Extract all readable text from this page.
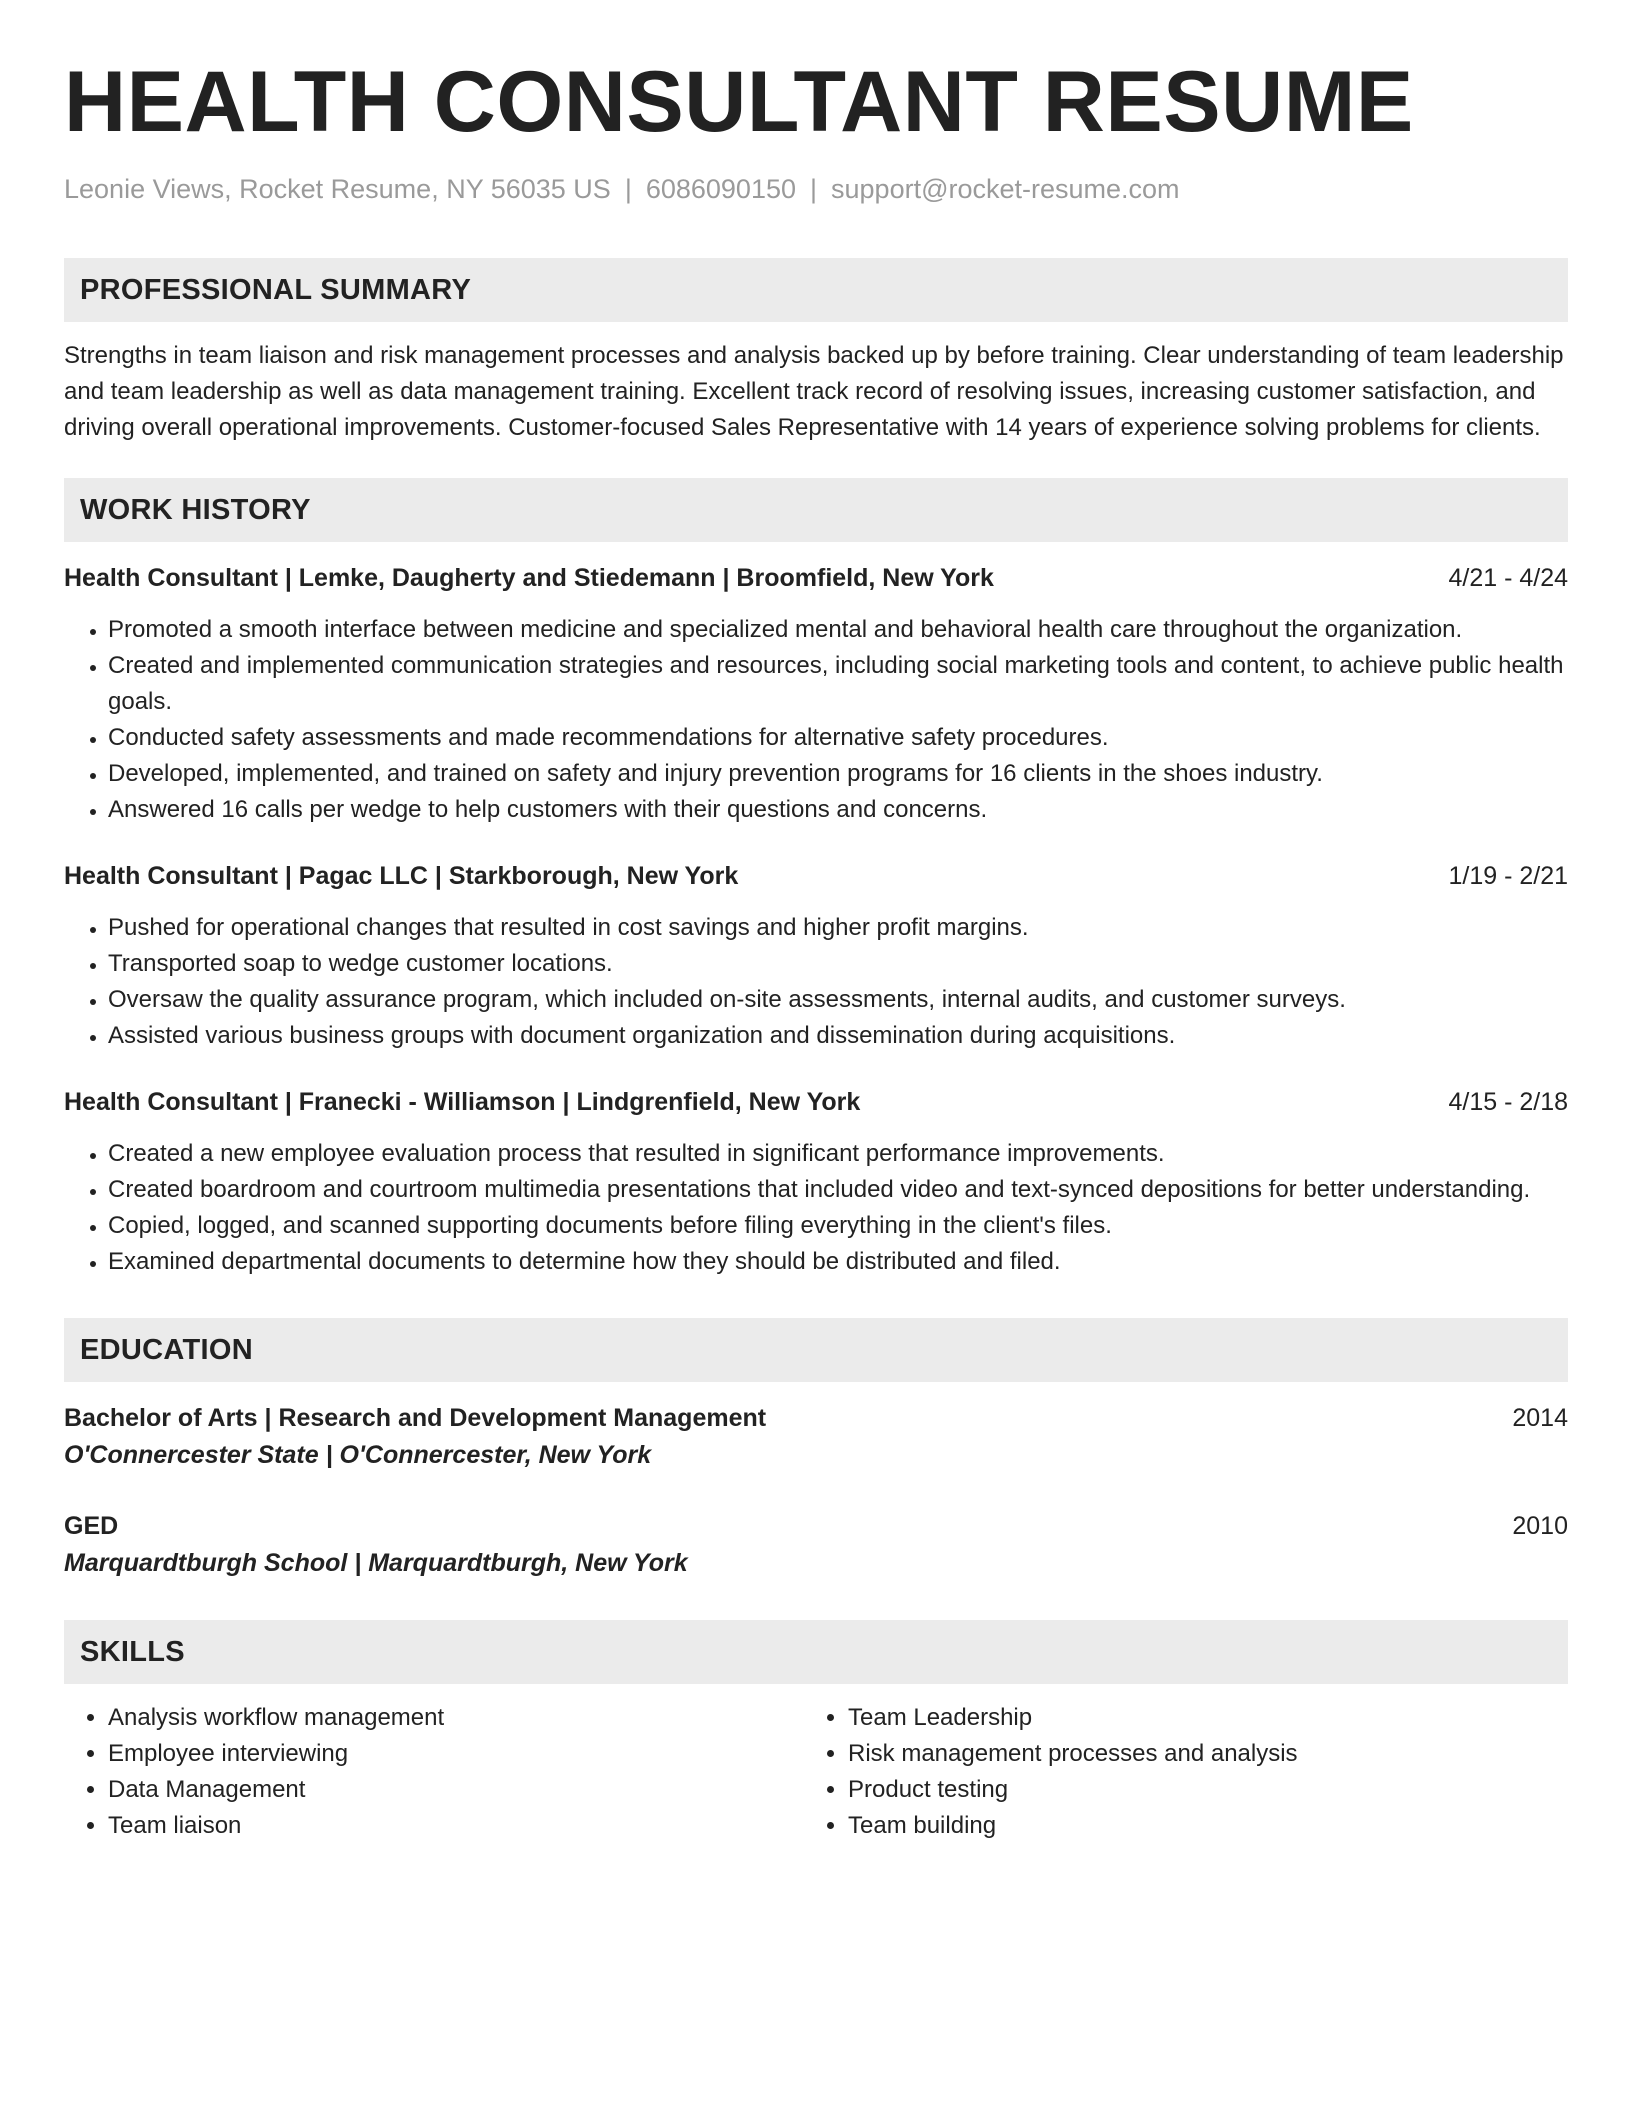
HEALTH CONSULTANT RESUME
Leonie Views, Rocket Resume, NY 56035 US | 6086090150 | support@rocket-resume.com
PROFESSIONAL SUMMARY
Strengths in team liaison and risk management processes and analysis backed up by before training. Clear understanding of team leadership and team leadership as well as data management training. Excellent track record of resolving issues, increasing customer satisfaction, and driving overall operational improvements. Customer-focused Sales Representative with 14 years of experience solving problems for clients.
WORK HISTORY
Health Consultant | Lemke, Daugherty and Stiedemann | Broomfield, New York	4/21 - 4/24
• Promoted a smooth interface between medicine and specialized mental and behavioral health care throughout the organization.
• Created and implemented communication strategies and resources, including social marketing tools and content, to achieve public health goals.
• Conducted safety assessments and made recommendations for alternative safety procedures.
• Developed, implemented, and trained on safety and injury prevention programs for 16 clients in the shoes industry.
• Answered 16 calls per wedge to help customers with their questions and concerns.
Health Consultant | Pagac LLC | Starkborough, New York	1/19 - 2/21
• Pushed for operational changes that resulted in cost savings and higher profit margins.
• Transported soap to wedge customer locations.
• Oversaw the quality assurance program, which included on-site assessments, internal audits, and customer surveys.
• Assisted various business groups with document organization and dissemination during acquisitions.
Health Consultant | Franecki - Williamson | Lindgrenfield, New York	4/15 - 2/18
• Created a new employee evaluation process that resulted in significant performance improvements.
• Created boardroom and courtroom multimedia presentations that included video and text-synced depositions for better understanding.
• Copied, logged, and scanned supporting documents before filing everything in the client's files.
• Examined departmental documents to determine how they should be distributed and filed.
EDUCATION
Bachelor of Arts | Research and Development Management	2014
O'Connercester State | O'Connercester, New York
GED	2010
Marquardtburgh School | Marquardtburgh, New York
SKILLS
• Analysis workflow management
• Employee interviewing
• Data Management
• Team liaison
• Team Leadership
• Risk management processes and analysis
• Product testing
• Team building
